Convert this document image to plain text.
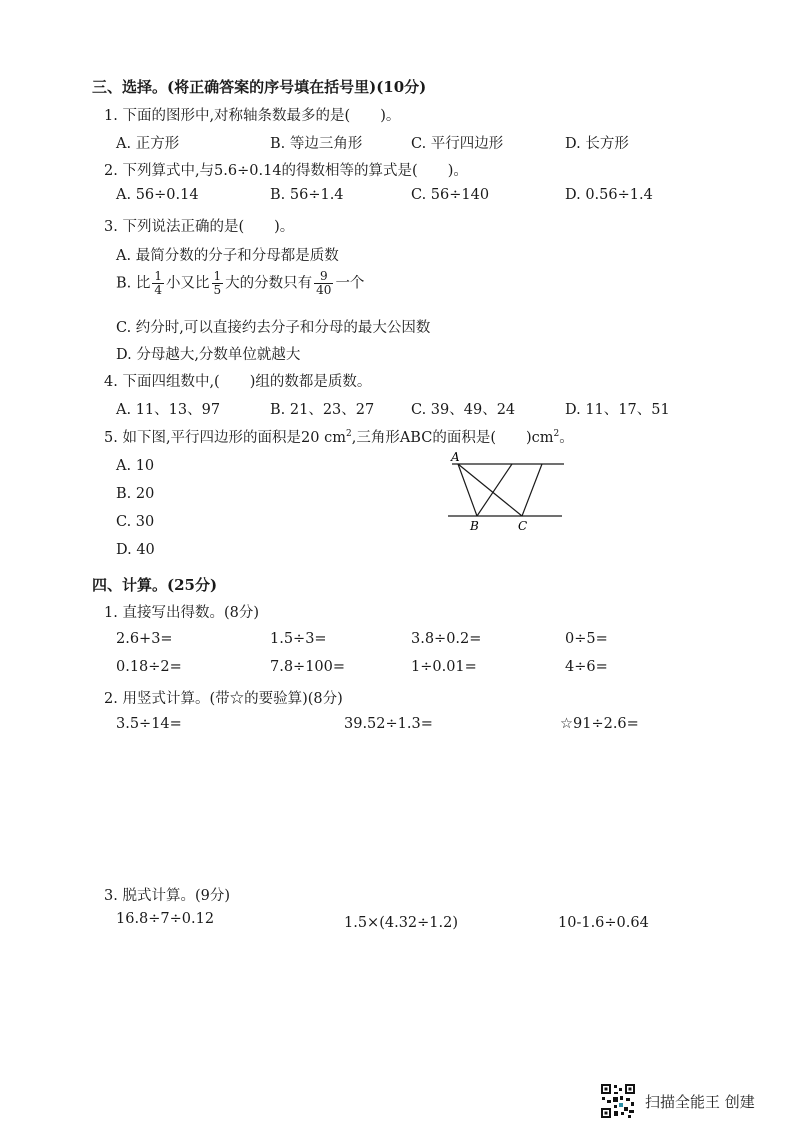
三、选择。(将正确答案的序号填在括号里)(10分)
1. 下面的图形中,对称轴条数最多的是( )。
A. 正方形	B. 等边三角形	C. 平行四边形	D. 长方形
2. 下列算式中,与5.6÷0.14的得数相等的算式是( )。
A. 56÷0.14	B. 56÷1.4	C. 56÷140	D. 0.56÷1.4
3. 下列说法正确的是( )。
A. 最简分数的分子和分母都是质数
B. 比 $\frac{1}{4}$ 小又比 $\frac{1}{5}$ 大的分数只有 $\frac{9}{40}$ 一个
C. 约分时,可以直接约去分子和分母的最大公因数
D. 分母越大,分数单位就越大
4. 下面四组数中,( )组的数都是质数。
A. 11、13、97	B. 21、23、27	C. 39、49、24	D. 11、17、51
5. 如下图,平行四边形的面积是20 $cm^2$,三角形ABC的面积是( )$cm^2$。
A. 10
B. 20
C. 30
D. 40
A
B	C
四、计算。(25分)
1. 直接写出得数。(8分)
2.6+3=	1.5÷3=	3.8÷0.2=	0÷5=
0.18÷2=	7.8÷100=	1÷0.01=	4÷6=
2. 用竖式计算。(带☆的要验算)(8分)
3.5÷14=	39.52÷1.3=	☆91÷2.6=
3. 脱式计算。(9分)
16.8÷7÷0.12	1.5×(4.32÷1.2)	10-1.6÷0.64
扫描全能王 创建
